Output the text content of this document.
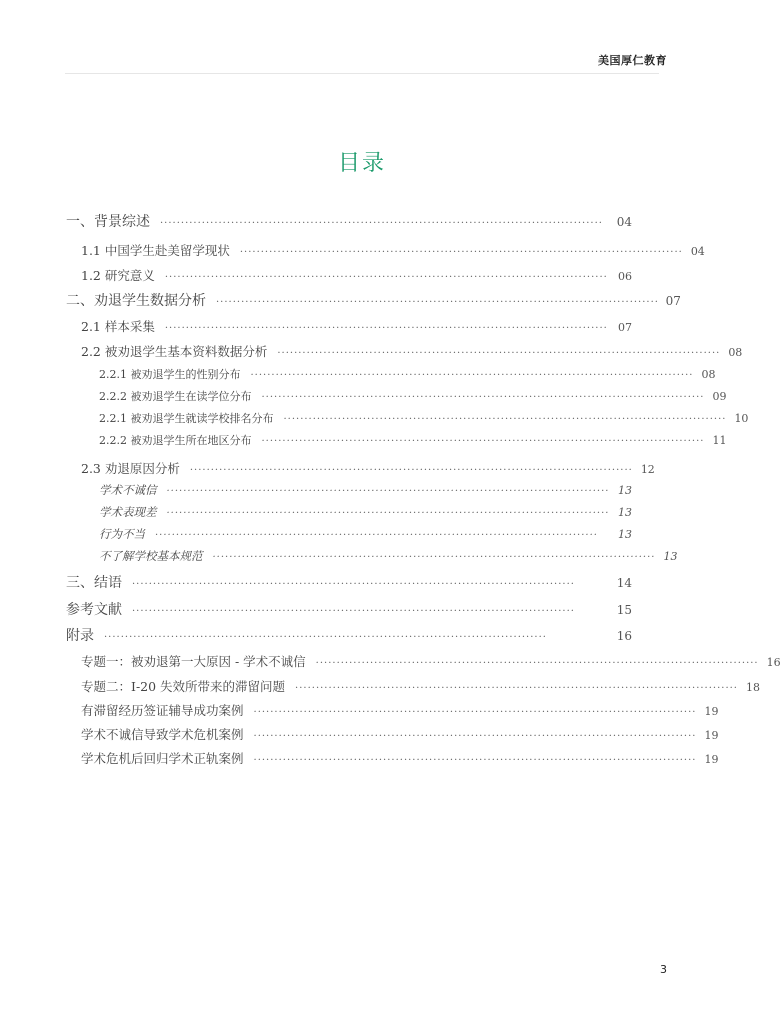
美国厚仁教育
目录
一、背景综述 ··········································································································	04
1.1 中国学生赴美留学现状 ·········································································································· 04
1.2 研究意义 ·········································································································· 06
二、劝退学生数据分析 ·········································································································· 07
2.1 样本采集 ·········································································································· 07
2.2 被劝退学生基本资料数据分析 ·········································································································· 08
2.2.1 被劝退学生的性别分布 ·········································································································· 08
2.2.2 被劝退学生在读学位分布 ·········································································································· 09
2.2.1 被劝退学生就读学校排名分布 ·········································································································· 10
2.2.2 被劝退学生所在地区分布 ·········································································································· 11
2.3 劝退原因分析 ·········································································································· 12
学术不诚信 ·········································································································· 13
学术表现差 ·········································································································· 13
行为不当 ··········································································································	13
不了解学校基本规范 ·········································································································· 13
三、结语 ··········································································································	14
参考文献 ··········································································································	15
附录 ··········································································································	16
专题一：被劝退第一大原因 - 学术不诚信 ·········································································································· 16
专题二：I-20 失效所带来的滞留问题 ·········································································································· 18
有滞留经历签证辅导成功案例 ·········································································································· 19
学术不诚信导致学术危机案例 ·········································································································· 19
学术危机后回归学术正轨案例 ·········································································································· 19
3
